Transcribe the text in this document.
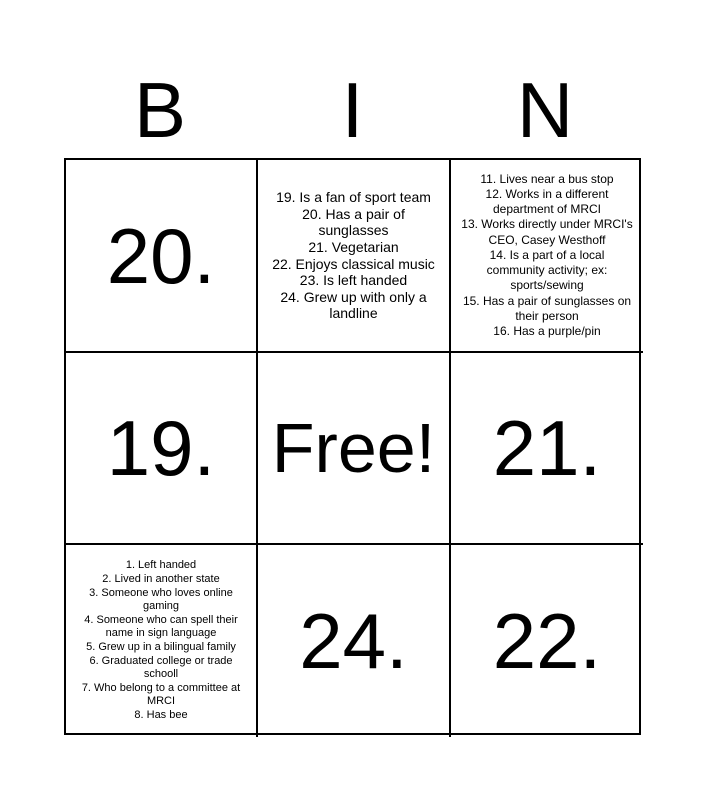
B	I	N
20.
19. Is a fan of sport team
20. Has a pair of sunglasses
21. Vegetarian
22. Enjoys classical music
23. Is left handed
24. Grew up with only a landline
11. Lives near a bus stop
12. Works in a different department of MRCI
13. Works directly under MRCI's CEO, Casey Westhoff
14. Is a part of a local community activity; ex: sports/sewing
15. Has a pair of sunglasses on their person
16. Has a purple/pin
19. Free! 21.
1. Left handed
2. Lived in another state
3. Someone who loves online gaming
4. Someone who can spell their name in sign language
5. Grew up in a bilingual family
6. Graduated college or trade schooll
7. Who belong to a committee at MRCI
8. Has bee
24. 22.
